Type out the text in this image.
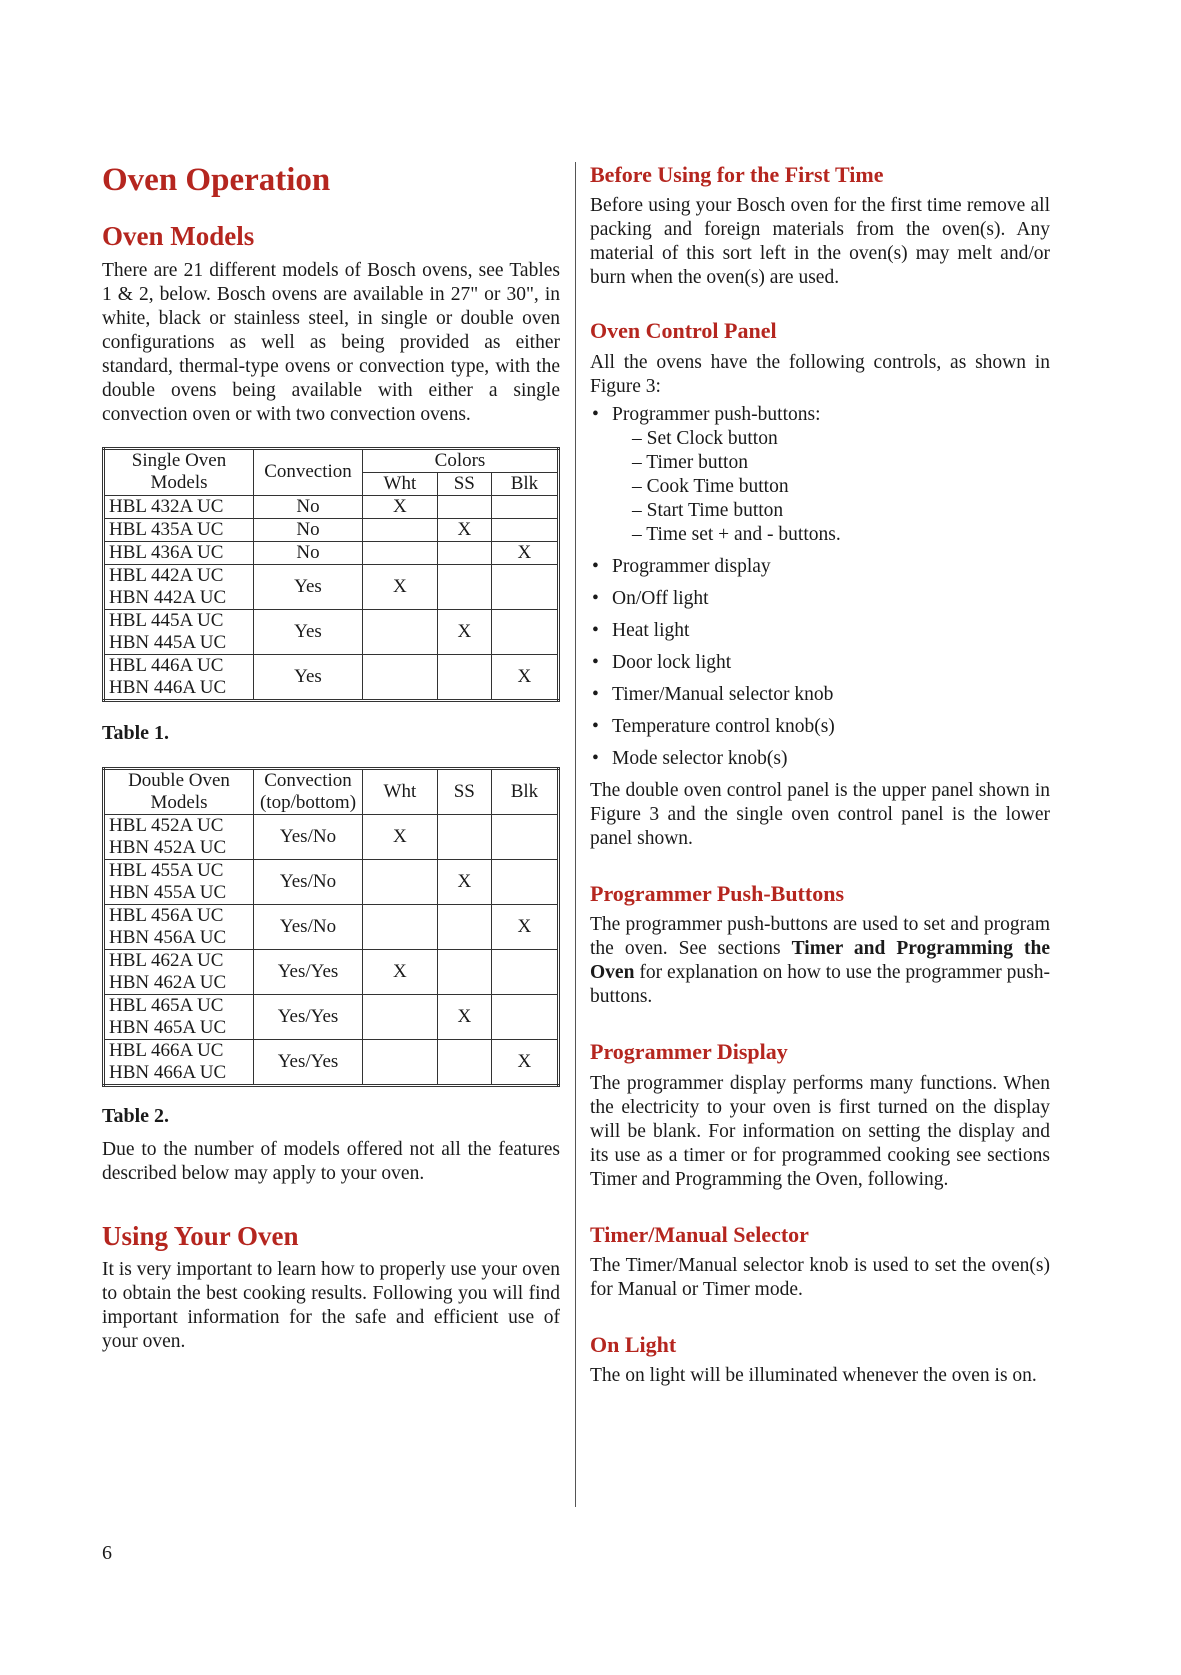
Oven Operation
Oven Models

There are 21 different models of Bosch ovens, see Tables 1 & 2, below. Bosch ovens are available in 27" or 30", in white, black or stainless steel, in single or double oven configurations as well as being provided as either standard, thermal-type ovens or convection type, with the double ovens being available with either a single convection oven or with two convection ovens.

Single Oven Models	Convection	Colors		
		Wht	SS	Blk

HBL 432A UC	No	X		

HBL 435A UC	No		X	

HBL 436A UC	No			X

HBL 442A UC
HBN 442A UC	Yes	X		

HBL 445A UC
HBN 445A UC	Yes		X	

HBL 446A UC
HBN 446A UC	Yes			X
Table 1.
Double Oven Models	Convection (top/bottom)	Wht	SS	Blk

HBL 452A UC
HBN 452A UC	Yes/No	X		

HBL 455A UC
HBN 455A UC	Yes/No		X	

HBL 456A UC
HBN 456A UC	Yes/No			X

HBL 462A UC
HBN 462A UC	Yes/Yes	X		

HBL 465A UC
HBN 465A UC	Yes/Yes		X	

HBL 466A UC
HBN 466A UC	Yes/Yes			X
Table 2.

Due to the number of models offered not all the features described below may apply to your oven.

Using Your Oven

It is very important to learn how to properly use your oven to obtain the best cooking results. Following you will find important information for the safe and efficient use of your oven.

Before Using for the First Time

Before using your Bosch oven for the first time remove all packing and foreign materials from the oven(s). Any material of this sort left in the oven(s) may melt and/or burn when the oven(s) are used.

Oven Control Panel

All the ovens have the following controls, as shown in Figure 3:

• Programmer push-buttons:
– Set Clock button
– Timer button
– Cook Time button
– Start Time button
– Time set + and - buttons.
• Programmer display
• On/Off light
• Heat light
• Door lock light
• Timer/Manual selector knob
• Temperature control knob(s)
• Mode selector knob(s)

The double oven control panel is the upper panel shown in Figure 3 and the single oven control panel is the lower panel shown.

Programmer Push-Buttons

The programmer push-buttons are used to set and program the oven. See sections Timer and Programming the Oven for explanation on how to use the programmer push-buttons.

Programmer Display

The programmer display performs many functions. When the electricity to your oven is first turned on the display will be blank. For information on setting the display and its use as a timer or for programmed cooking see sections Timer and Programming the Oven, following.

Timer/Manual Selector

The Timer/Manual selector knob is used to set the oven(s) for Manual or Timer mode.

On Light

The on light will be illuminated whenever the oven is on.

6
